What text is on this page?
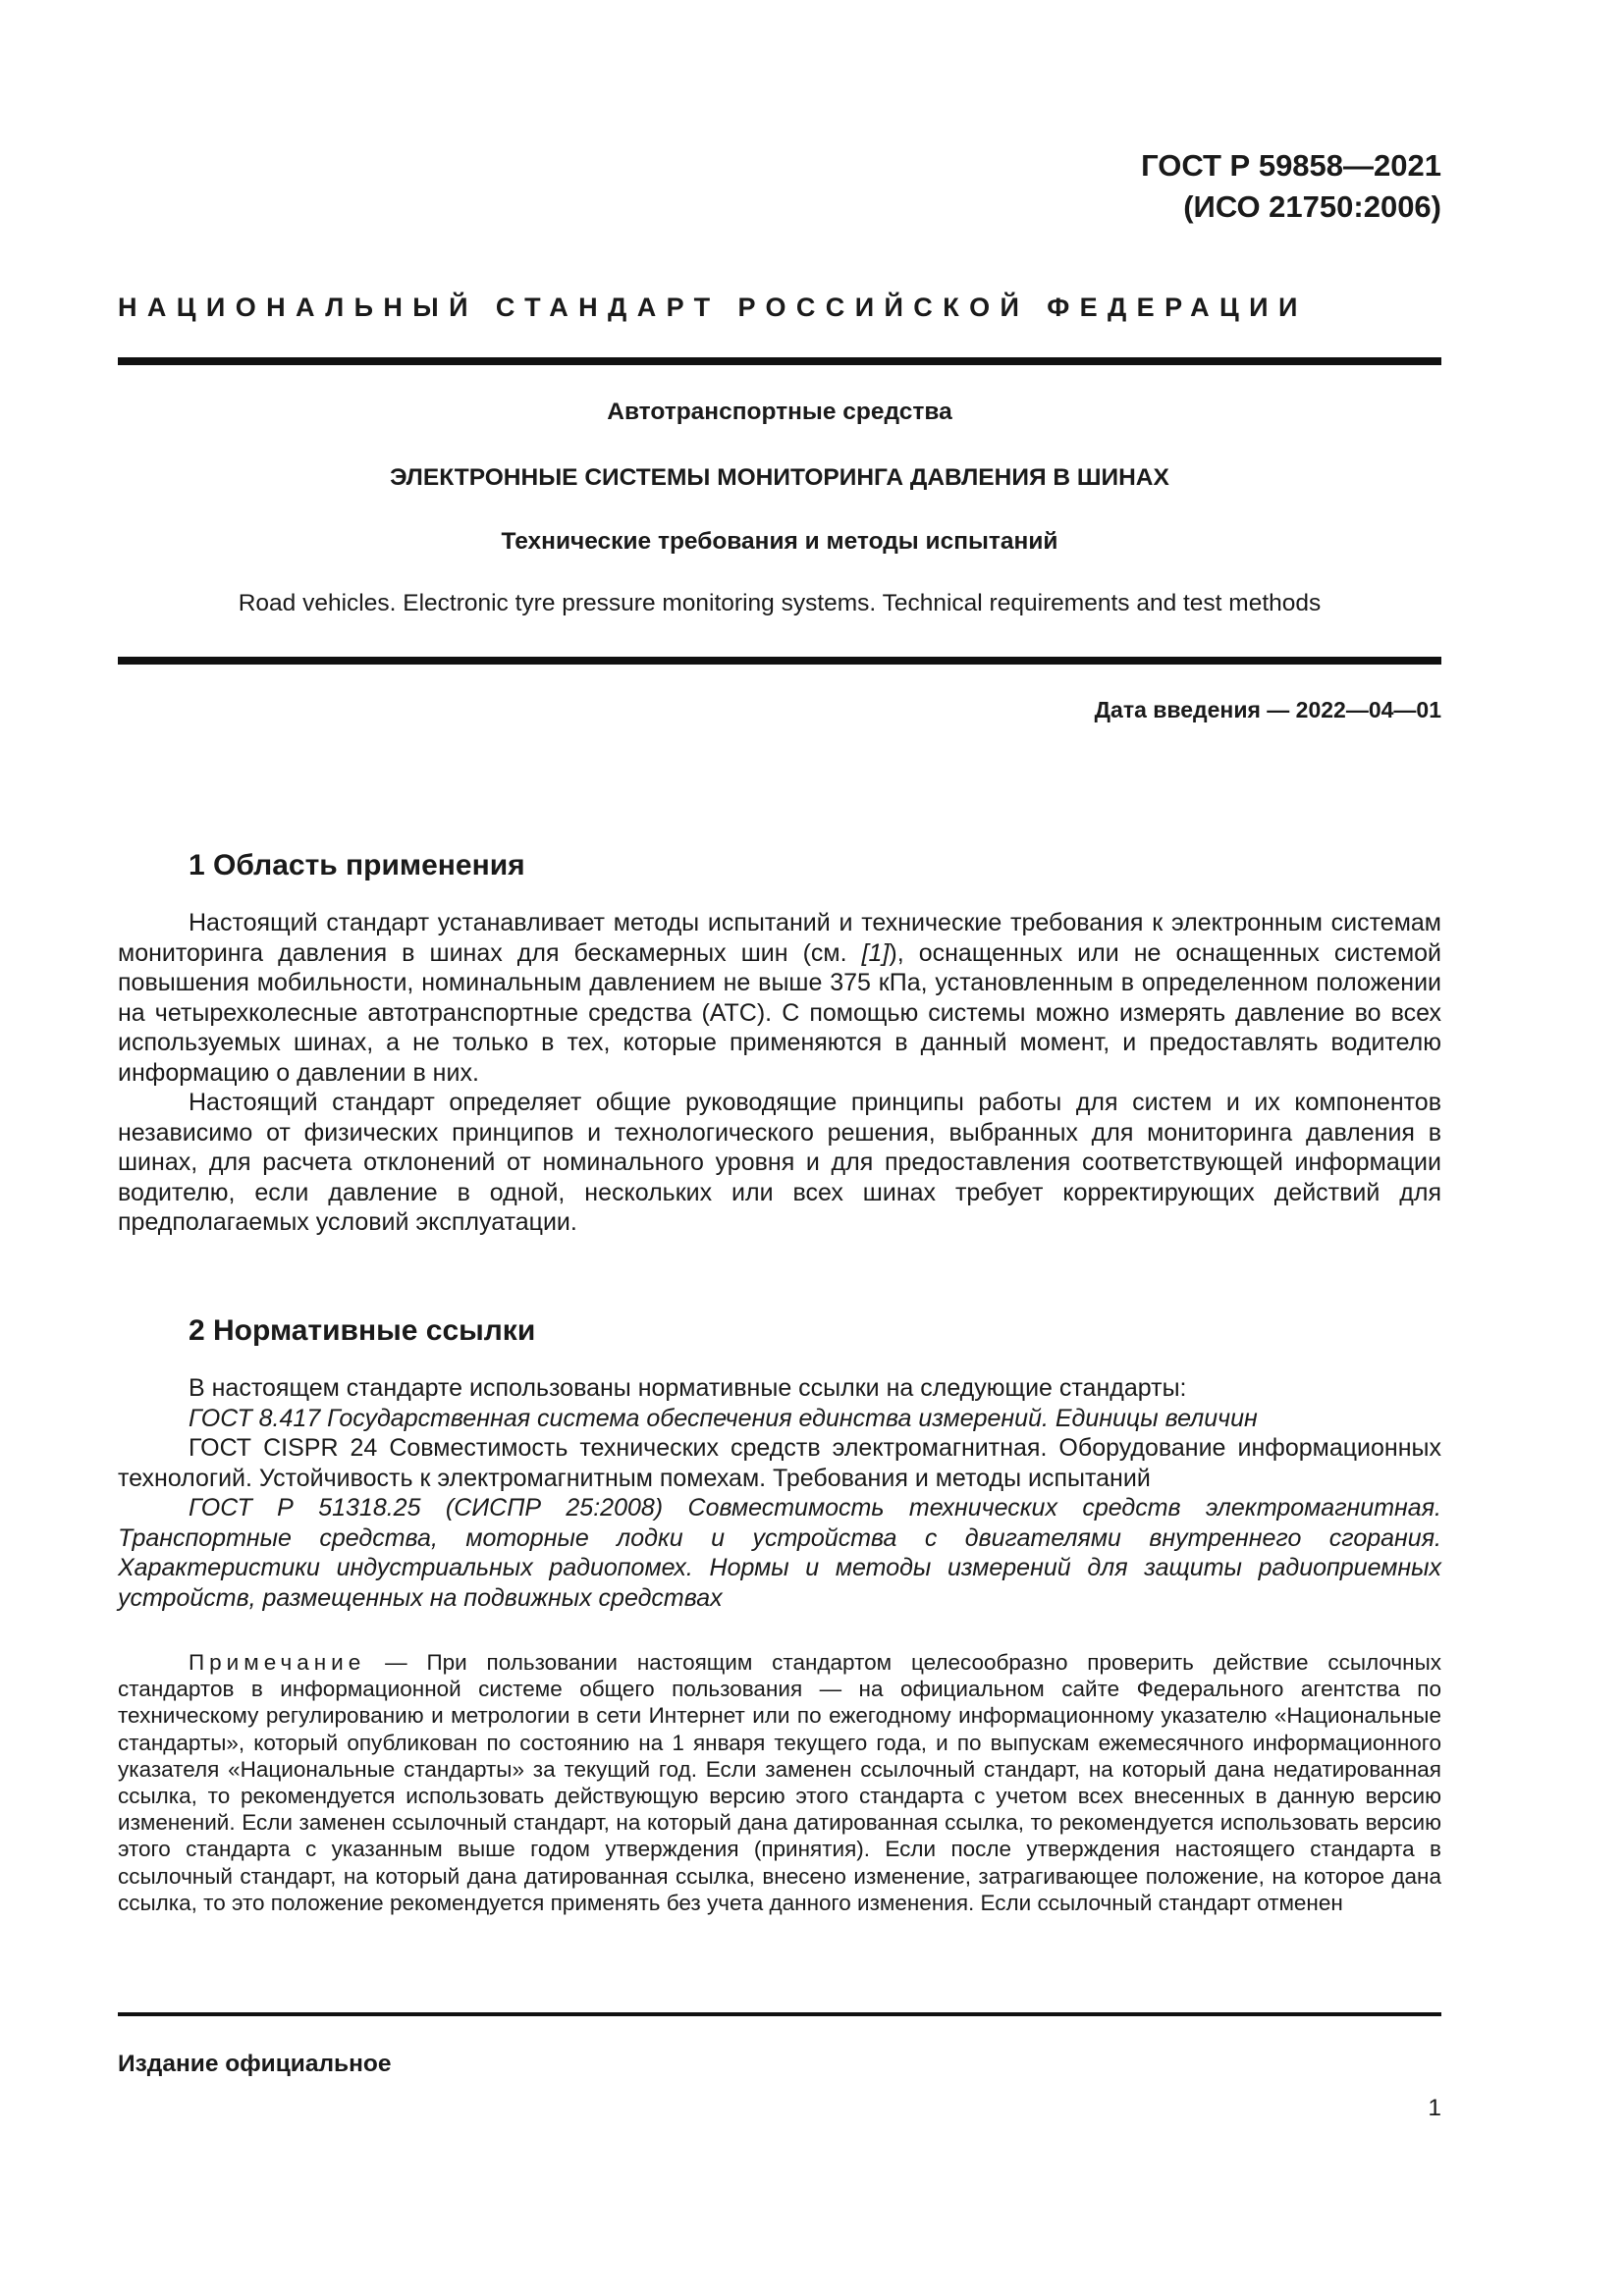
ГОСТ Р 59858—2021
(ИСО 21750:2006)
НАЦИОНАЛЬНЫЙ СТАНДАРТ РОССИЙСКОЙ ФЕДЕРАЦИИ
Автотранспортные средства
ЭЛЕКТРОННЫЕ СИСТЕМЫ МОНИТОРИНГА ДАВЛЕНИЯ В ШИНАХ
Технические требования и методы испытаний
Road vehicles. Electronic tyre pressure monitoring systems. Technical requirements and test methods
Дата введения — 2022—04—01
1 Область применения

Настоящий стандарт устанавливает методы испытаний и технические требования к электронным системам мониторинга давления в шинах для бескамерных шин (см. [1]), оснащенных или не оснащенных системой повышения мобильности, номинальным давлением не выше 375 кПа, установленным в определенном положении на четырехколесные автотранспортные средства (АТС). С помощью системы можно измерять давление во всех используемых шинах, а не только в тех, которые применяются в данный момент, и предоставлять водителю информацию о давлении в них.

Настоящий стандарт определяет общие руководящие принципы работы для систем и их компонентов независимо от физических принципов и технологического решения, выбранных для мониторинга давления в шинах, для расчета отклонений от номинального уровня и для предоставления соответствующей информации водителю, если давление в одной, нескольких или всех шинах требует корректирующих действий для предполагаемых условий эксплуатации.

2 Нормативные ссылки

В настоящем стандарте использованы нормативные ссылки на следующие стандарты:

ГОСТ 8.417 Государственная система обеспечения единства измерений. Единицы величин

ГОСТ CISPR 24 Совместимость технических средств электромагнитная. Оборудование информационных технологий. Устойчивость к электромагнитным помехам. Требования и методы испытаний

ГОСТ Р 51318.25 (СИСПР 25:2008) Совместимость технических средств электромагнитная. Транспортные средства, моторные лодки и устройства с двигателями внутреннего сгорания. Характеристики индустриальных радиопомех. Нормы и методы измерений для защиты радиоприемных устройств, размещенных на подвижных средствах

Примечание — При пользовании настоящим стандартом целесообразно проверить действие ссылочных стандартов в информационной системе общего пользования — на официальном сайте Федерального агентства по техническому регулированию и метрологии в сети Интернет или по ежегодному информационному указателю «Национальные стандарты», который опубликован по состоянию на 1 января текущего года, и по выпускам ежемесячного информационного указателя «Национальные стандарты» за текущий год. Если заменен ссылочный стандарт, на который дана недатированная ссылка, то рекомендуется использовать действующую версию этого стандарта с учетом всех внесенных в данную версию изменений. Если заменен ссылочный стандарт, на который дана датированная ссылка, то рекомендуется использовать версию этого стандарта с указанным выше годом утверждения (принятия). Если после утверждения настоящего стандарта в ссылочный стандарт, на который дана датированная ссылка, внесено изменение, затрагивающее положение, на которое дана ссылка, то это положение рекомендуется применять без учета данного изменения. Если ссылочный стандарт отменен

Издание официальное
1
